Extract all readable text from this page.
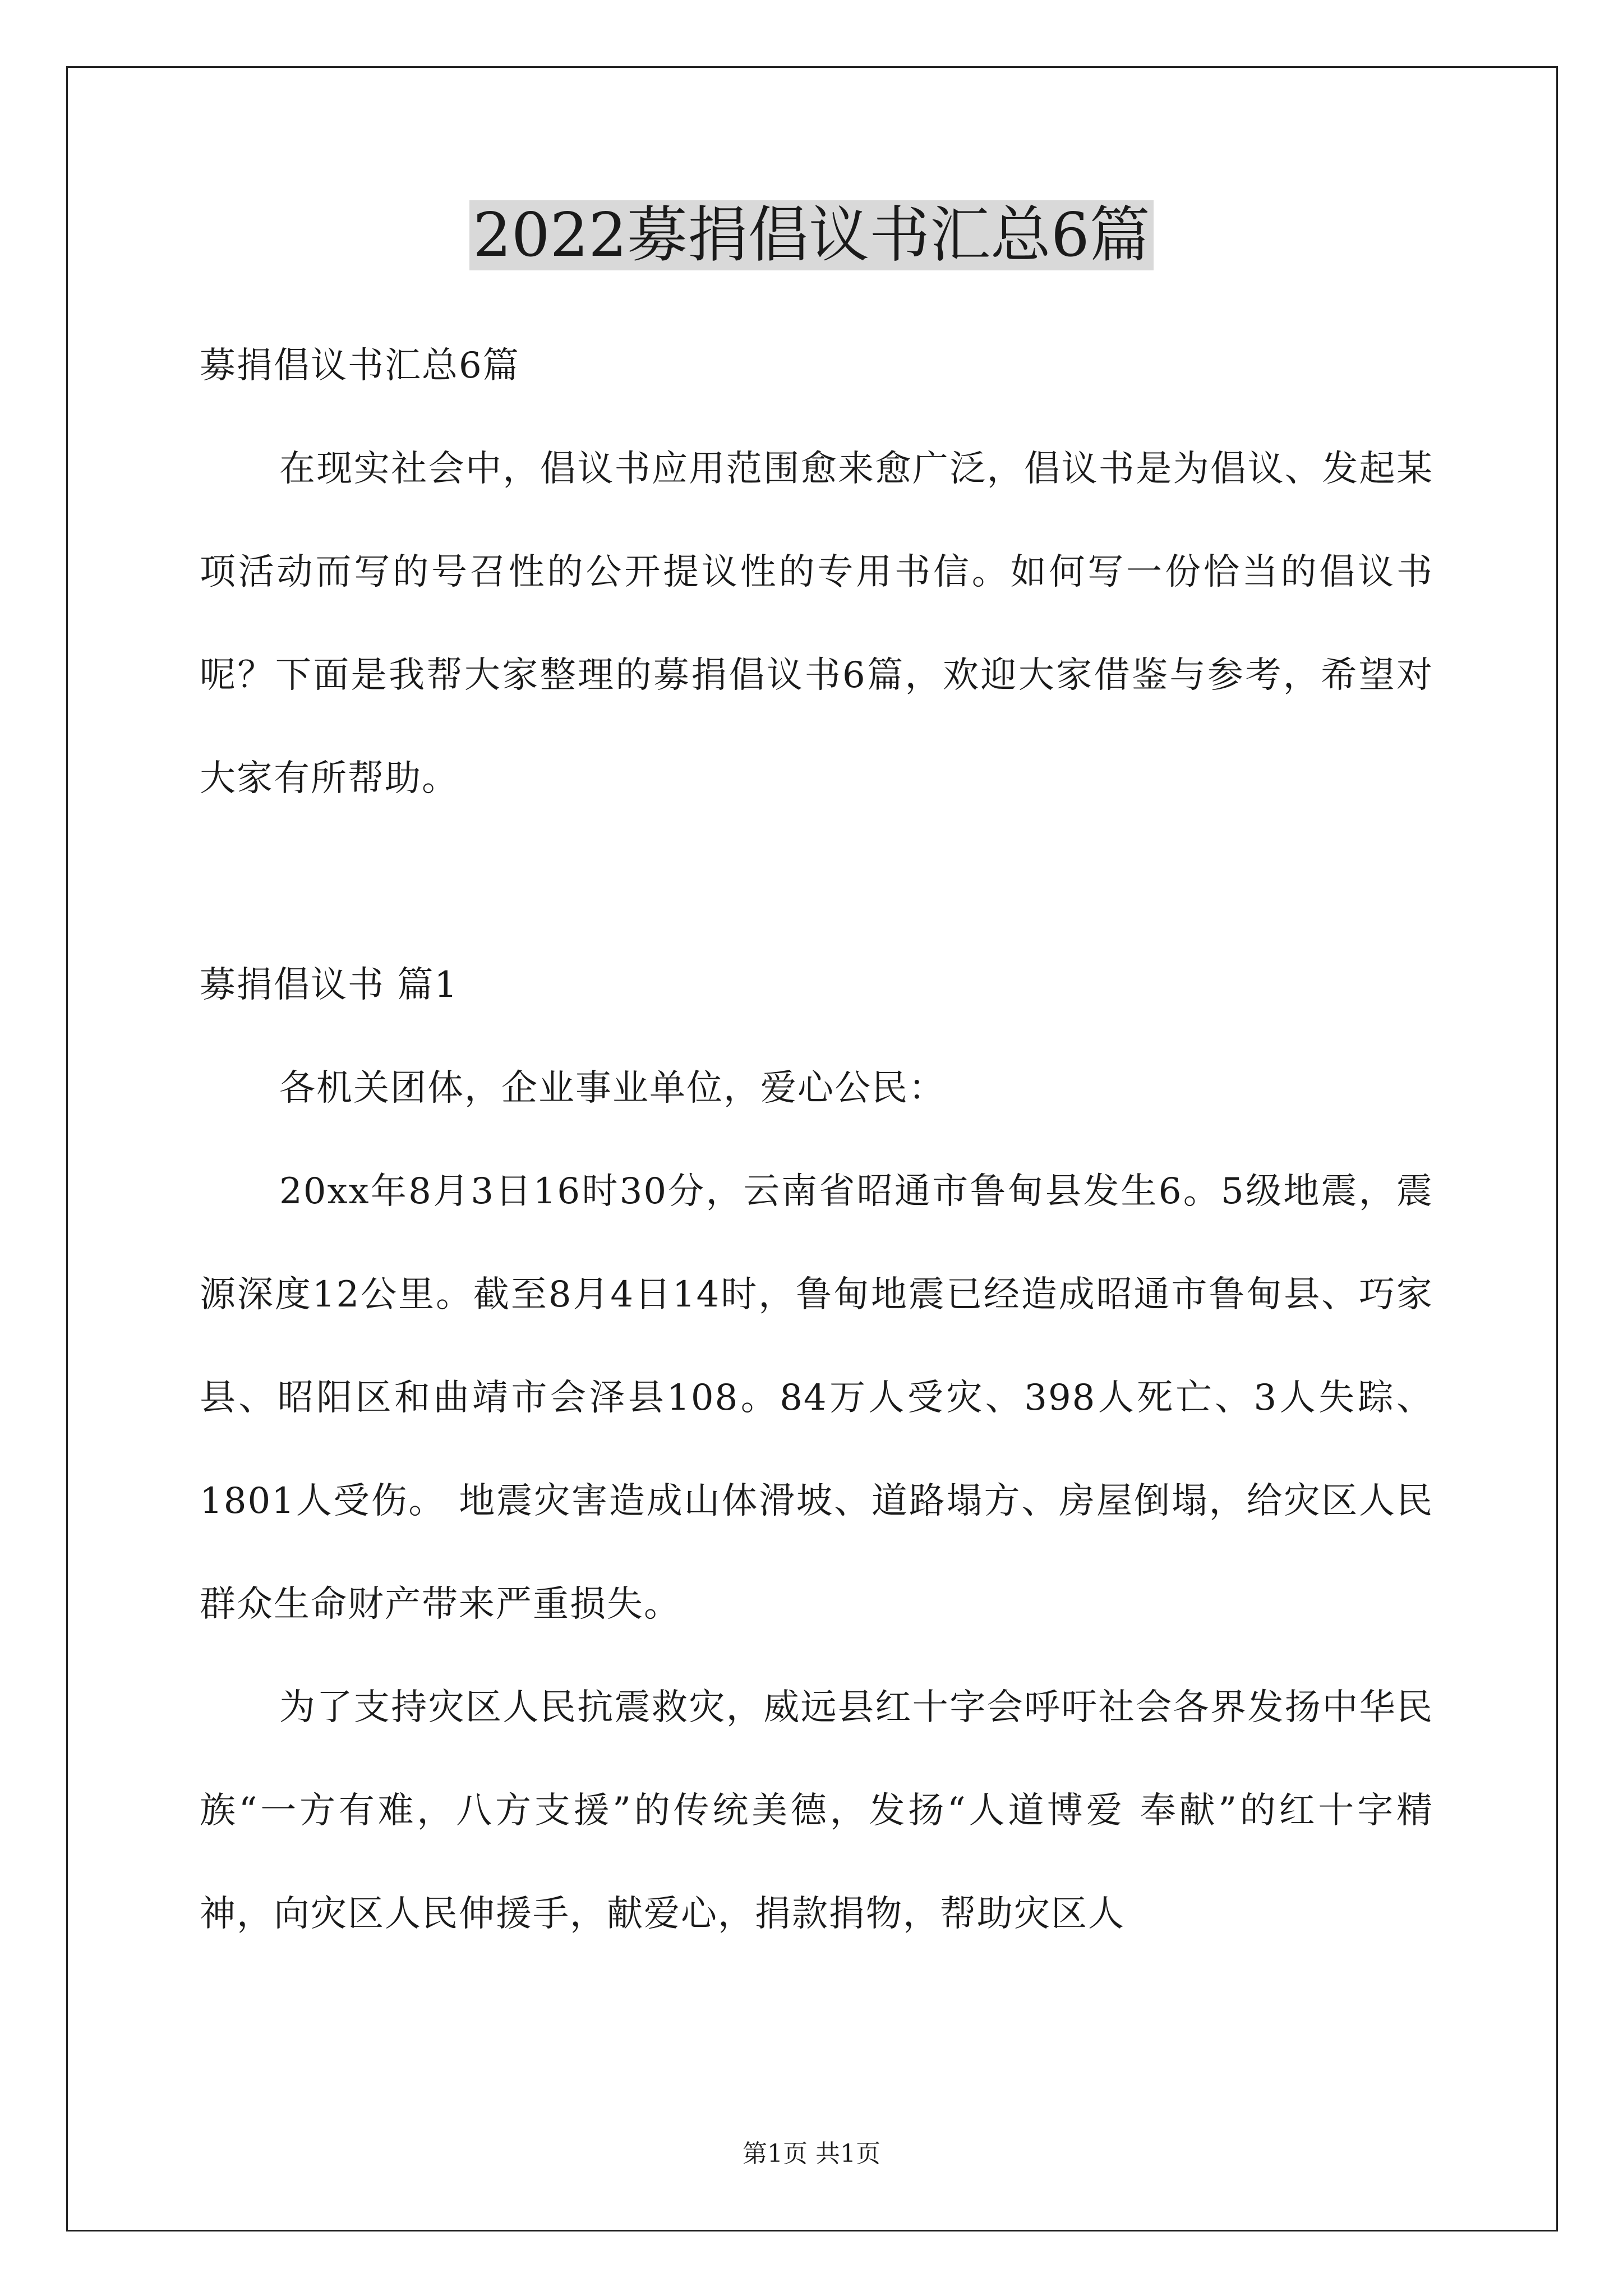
2022募捐倡议书汇总6篇

募捐倡议书汇总6篇

在现实社会中，倡议书应用范围愈来愈广泛，倡议书是为倡议、发起某项活动而写的号召性的公开提议性的专用书信。如何写一份恰当的倡议书呢？下面是我帮大家整理的募捐倡议书6篇，欢迎大家借鉴与参考，希望对大家有所帮助。

募捐倡议书 篇1

各机关团体，企业事业单位，爱心公民：

20xx年8月3日16时30分，云南省昭通市鲁甸县发生6。5级地震，震源深度12公里。截至8月4日14时，鲁甸地震已经造成昭通市鲁甸县、巧家县、昭阳区和曲靖市会泽县108。84万人受灾、398人死亡、3人失踪、1801人受伤。 地震灾害造成山体滑坡、道路塌方、房屋倒塌，给灾区人民群众生命财产带来严重损失。

为了支持灾区人民抗震救灾，威远县红十字会呼吁社会各界发扬中华民族“一方有难，八方支援”的传统美德，发扬“人道博爱 奉献”的红十字精神，向灾区人民伸援手，献爱心，捐款捐物，帮助灾区人

第1页 共1页
